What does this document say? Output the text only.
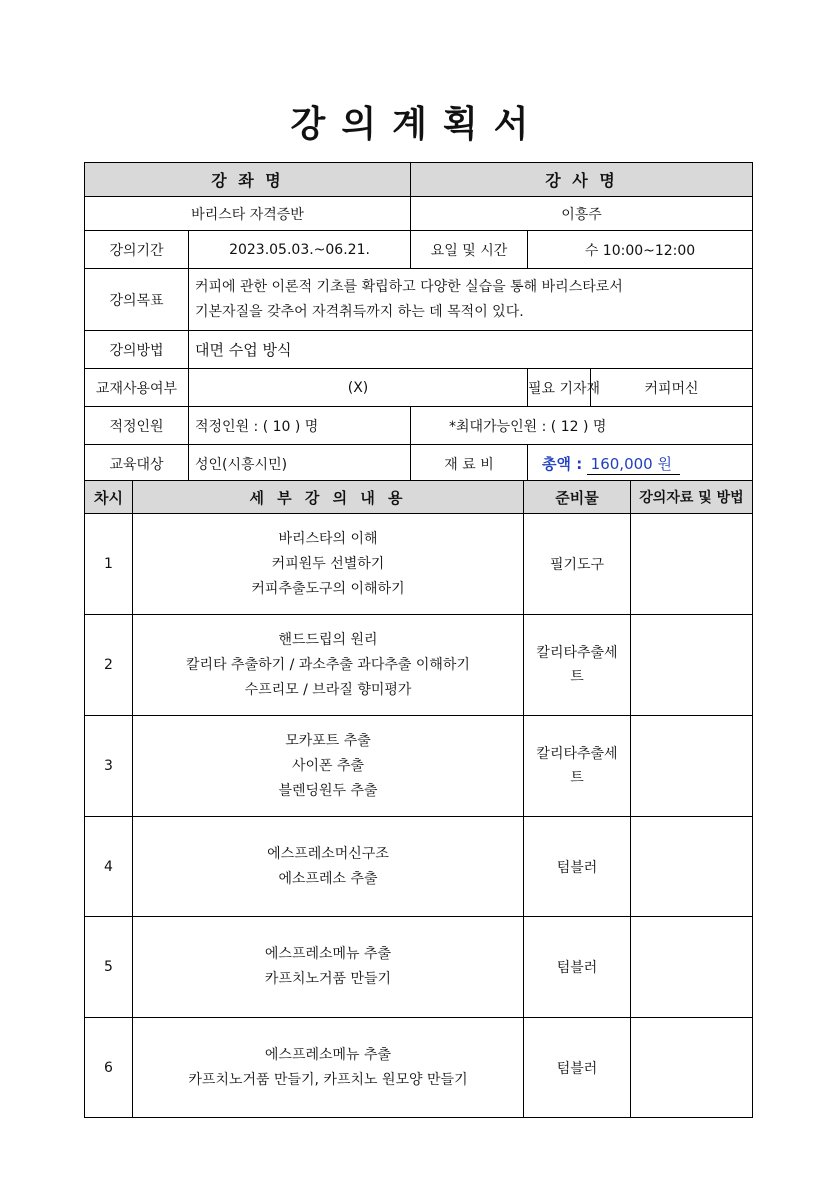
강의계획서
강 좌 명		강 사 명		
바리스타 자격증반		이흥주		
강의기간	2023.05.03.~06.21.	요일 및 시간	수 10:00~12:00	
강의목표	커피에 관한 이론적 기초를 확립하고 다양한 실습을 통해 바리스타로서
기본자질을 갖추어 자격취득까지 하는 데 목적이 있다.			

강의방법	대면 수업 방식			
교재사용여부	(X)		필요 기자재	커피머신
적정인원	적정인원 : ( 10 ) 명	*최대가능인원 : ( 12 ) 명		
교육대상	성인(시흥시민)	재 료 비	총액 : 160,000 원	
차시	세 부 강 의 내 용	준비물	강의자료 및 방법
1	바리스타의 이해
커피원두 선별하기
커피추출도구의 이해하기	필기도구	
2	핸드드립의 원리
칼리타 추출하기 / 과소추출 과다추출 이해하기
수프리모 / 브라질 향미평가	칼리타추출세트	
3	모카포트 추출
사이폰 추출
블렌딩원두 추출	칼리타추출세트	
4	에스프레소머신구조
에소프레소 추출	텀블러	
5	에스프레소메뉴 추출
카프치노거품 만들기	텀블러	
6	에스프레소메뉴 추출
카프치노거품 만들기, 카프치노 원모양 만들기	텀블러	
